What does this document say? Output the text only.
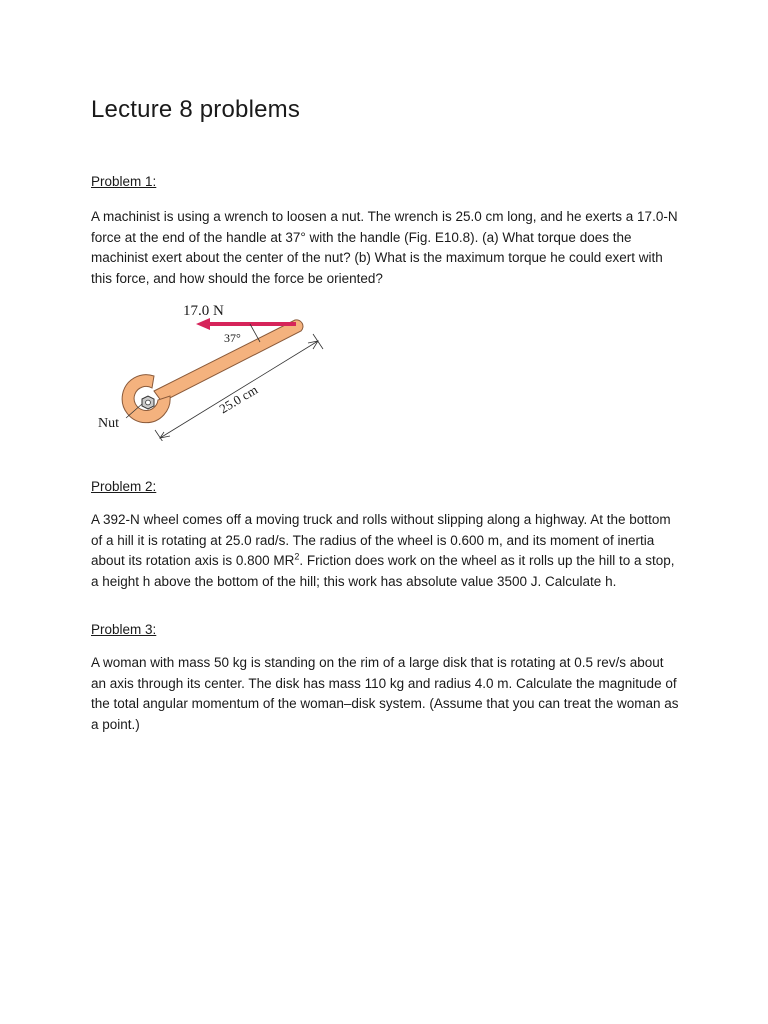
Lecture 8 problems

Problem 1:

A machinist is using a wrench to loosen a nut. The wrench is 25.0 cm long, and he exerts a 17.0-N force at the end of the handle at 37° with the handle (Fig. E10.8). (a) What torque does the machinist exert about the center of the nut? (b) What is the maximum torque he could exert with this force, and how should the force be oriented?

17.0 N
37°
25.0 cm
Nut

Problem 2:

A 392-N wheel comes off a moving truck and rolls without slipping along a highway. At the bottom of a hill it is rotating at 25.0 rad/s. The radius of the wheel is 0.600 m, and its moment of inertia about its rotation axis is 0.800 $MR^2$. Friction does work on the wheel as it rolls up the hill to a stop, a height h above the bottom of the hill; this work has absolute value 3500 J. Calculate h.

Problem 3:

A woman with mass 50 kg is standing on the rim of a large disk that is rotating at 0.5 rev/s about an axis through its center. The disk has mass 110 kg and radius 4.0 m. Calculate the magnitude of the total angular momentum of the woman–disk system. (Assume that you can treat the woman as a point.)
